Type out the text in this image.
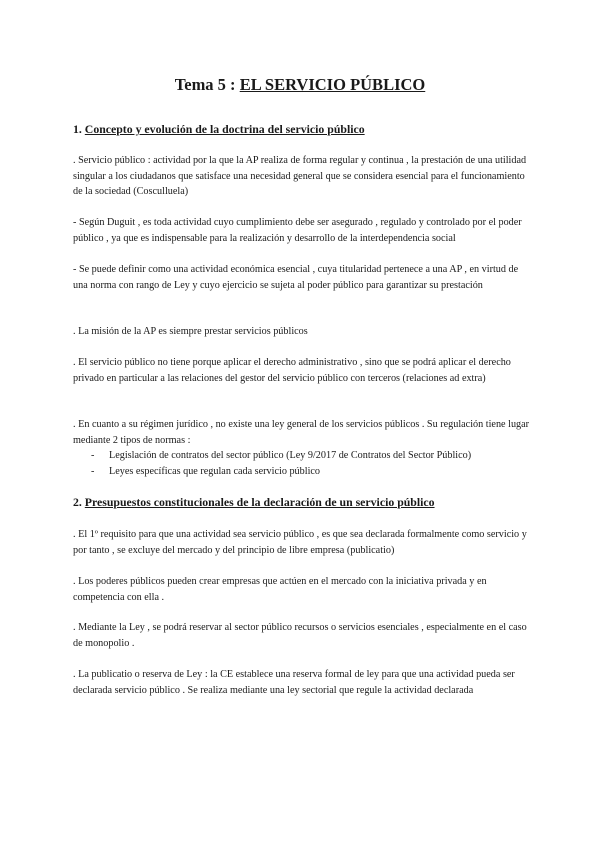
Tema 5 : EL SERVICIO PÚBLICO
1. Concepto y evolución de la doctrina del servicio público

. Servicio público : actividad por la que la AP realiza de forma regular y continua , la prestación de una utilidad singular a los ciudadanos que satisface una necesidad general que se considera esencial para el funcionamiento de la sociedad (Cosculluela)

- Según Duguit , es toda actividad cuyo cumplimiento debe ser asegurado , regulado y controlado por el poder público , ya que es indispensable para la realización y desarrollo de la interdependencia social

- Se puede definir como una actividad económica esencial , cuya titularidad pertenece a una AP , en virtud de una norma con rango de Ley y cuyo ejercicio se sujeta al poder público para garantizar su prestación

. La misión de la AP es siempre prestar servicios públicos

. El servicio público no tiene porque aplicar el derecho administrativo , sino que se podrá aplicar el derecho privado en particular a las relaciones del gestor del servicio público con terceros (relaciones ad extra)

. En cuanto a su régimen jurídico , no existe una ley general de los servicios públicos . Su regulación tiene lugar mediante 2 tipos de normas :

- Legislación de contratos del sector público (Ley 9/2017 de Contratos del Sector Público)
- Leyes específicas que regulan cada servicio público
2. Presupuestos constitucionales de la declaración de un servicio público

. El 1º requisito para que una actividad sea servicio público , es que sea declarada formalmente como servicio y por tanto , se excluye del mercado y del principio de libre empresa (publicatio)

. Los poderes públicos pueden crear empresas que actúen en el mercado con la iniciativa privada y en competencia con ella .

. Mediante la Ley , se podrá reservar al sector público recursos o servicios esenciales , especialmente en el caso de monopolio .

. La publicatio o reserva de Ley : la CE establece una reserva formal de ley para que una actividad pueda ser declarada servicio público . Se realiza mediante una ley sectorial que regule la actividad declarada
